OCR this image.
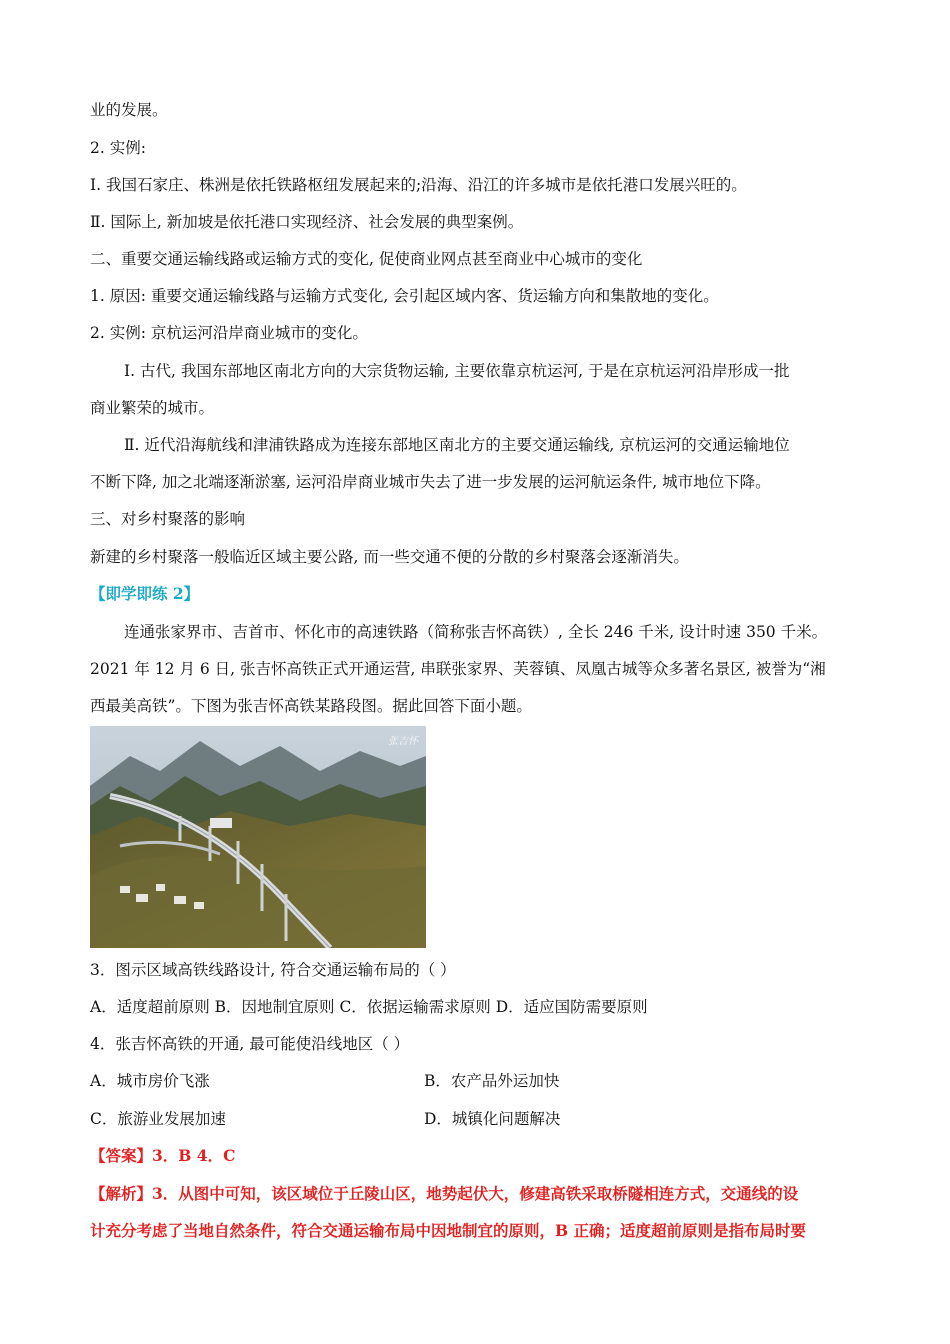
业的发展。
2. 实例:
Ⅰ. 我国石家庄、株洲是依托铁路枢纽发展起来的;沿海、沿江的许多城市是依托港口发展兴旺的。
Ⅱ. 国际上, 新加坡是依托港口实现经济、社会发展的典型案例。
二、重要交通运输线路或运输方式的变化, 促使商业网点甚至商业中心城市的变化
1. 原因: 重要交通运输线路与运输方式变化, 会引起区域内客、货运输方向和集散地的变化。
2. 实例: 京杭运河沿岸商业城市的变化。
Ⅰ. 古代, 我国东部地区南北方向的大宗货物运输, 主要依靠京杭运河, 于是在京杭运河沿岸形成一批
商业繁荣的城市。
Ⅱ. 近代沿海航线和津浦铁路成为连接东部地区南北方的主要交通运输线, 京杭运河的交通运输地位
不断下降, 加之北端逐渐淤塞, 运河沿岸商业城市失去了进一步发展的运河航运条件, 城市地位下降。
三、对乡村聚落的影响
新建的乡村聚落一般临近区域主要公路, 而一些交通不便的分散的乡村聚落会逐渐消失。
【即学即练 2】
连通张家界市、吉首市、怀化市的高速铁路（简称张吉怀高铁）, 全长 246 千米, 设计时速 350 千米。
2021 年 12 月 6 日, 张吉怀高铁正式开通运营, 串联张家界、芙蓉镇、凤凰古城等众多著名景区, 被誉为“湘
西最美高铁”。下图为张吉怀高铁某路段图。据此回答下面小题。
张吉怀
3．图示区域高铁线路设计, 符合交通运输布局的（ ）
A．适度超前原则 B．因地制宜原则 C．依据运输需求原则 D．适应国防需要原则
4．张吉怀高铁的开通, 最可能使沿线地区（ ）
A．城市房价飞涨	B．农产品外运加快
C．旅游业发展加速	D．城镇化问题解决
【答案】3．B 4．C
【解析】3．从图中可知，该区域位于丘陵山区，地势起伏大，修建高铁采取桥隧相连方式，交通线的设
计充分考虑了当地自然条件，符合交通运输布局中因地制宜的原则，B 正确；适度超前原则是指布局时要
